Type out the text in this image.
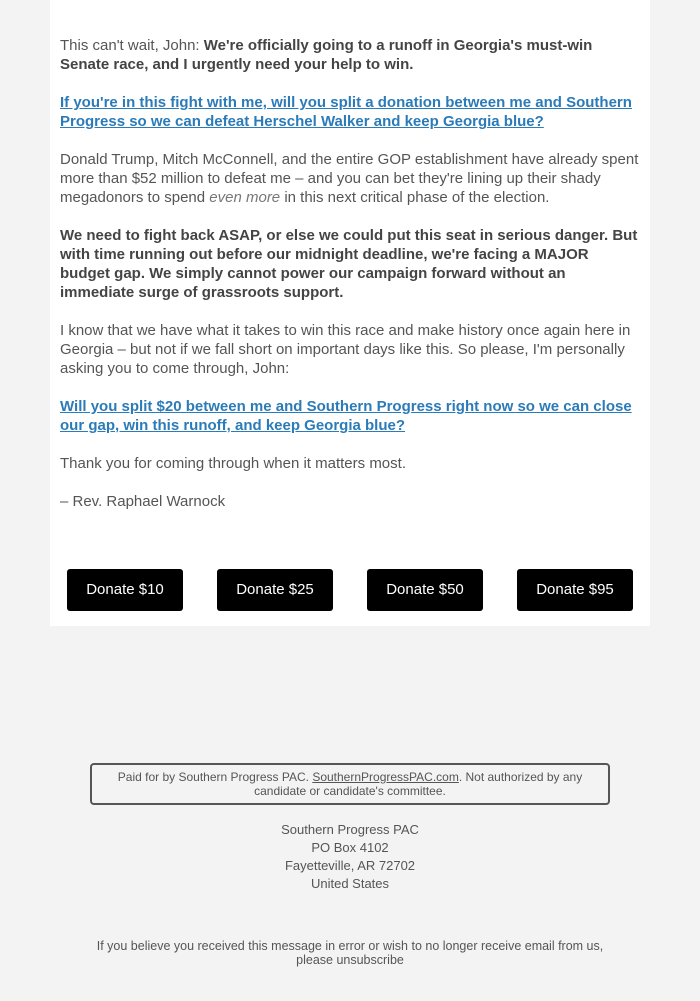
This can't wait, John: We're officially going to a runoff in Georgia's must-win Senate race, and I urgently need your help to win.

If you're in this fight with me, will you split a donation between me and Southern Progress so we can defeat Herschel Walker and keep Georgia blue?

Donald Trump, Mitch McConnell, and the entire GOP establishment have already spent more than $52 million to defeat me – and you can bet they're lining up their shady megadonors to spend even more in this next critical phase of the election.

We need to fight back ASAP, or else we could put this seat in serious danger. But with time running out before our midnight deadline, we're facing a MAJOR budget gap. We simply cannot power our campaign forward without an immediate surge of grassroots support.

I know that we have what it takes to win this race and make history once again here in Georgia – but not if we fall short on important days like this. So please, I'm personally asking you to come through, John:

Will you split $20 between me and Southern Progress right now so we can close our gap, win this runoff, and keep Georgia blue?

Thank you for coming through when it matters most.

– Rev. Raphael Warnock

Donate $10	Donate $25	Donate $50	Donate $95
Paid for by Southern Progress PAC. SouthernProgressPAC.com. Not authorized by any candidate or candidate's committee.
Southern Progress PAC
PO Box 4102
Fayetteville, AR 72702
United States
If you believe you received this message in error or wish to no longer receive email from us, please unsubscribe
